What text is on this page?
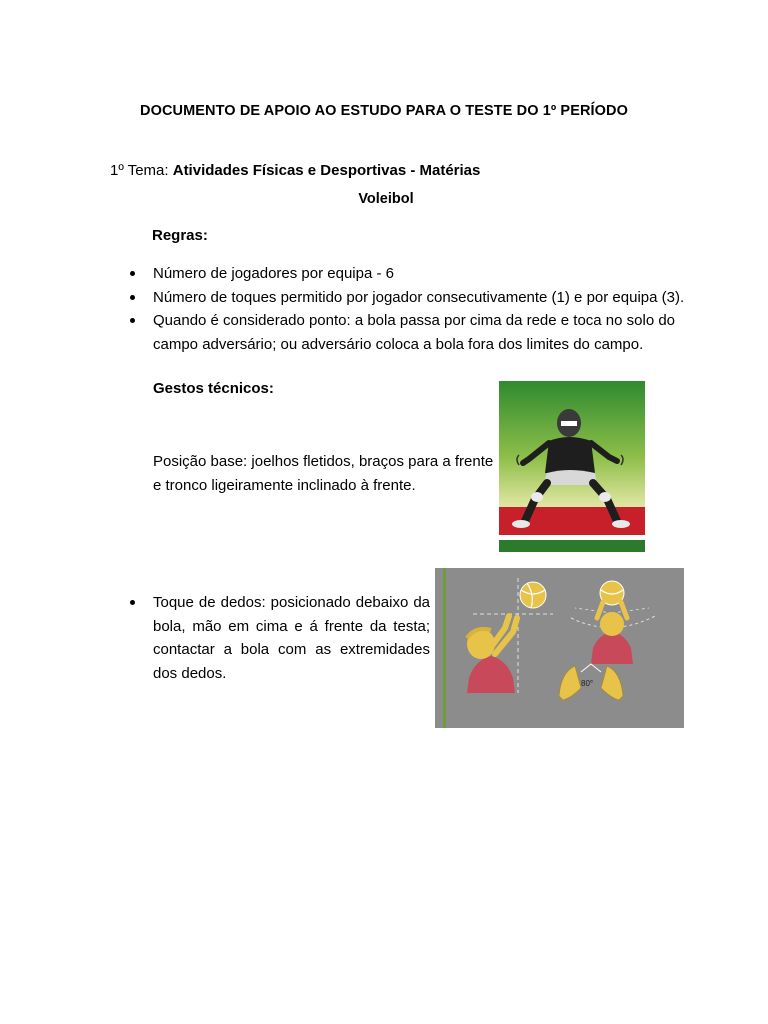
DOCUMENTO DE APOIO AO ESTUDO PARA O TESTE DO 1º PERÍODO
1º Tema: Atividades Físicas e Desportivas - Matérias
Voleibol
Regras:
Número de jogadores por equipa - 6
Número de toques permitido por jogador consecutivamente (1) e por equipa (3).
Quando é considerado ponto: a bola passa por cima da rede e toca no solo do campo adversário; ou adversário coloca a bola fora dos limites do campo.
Gestos técnicos:
Posição base: joelhos fletidos, braços para a frente e tronco ligeiramente inclinado à frente.
Toque de dedos: posicionado debaixo da bola, mão em cima e á frente da testa; contactar a bola com as extremidades dos dedos.
80°
